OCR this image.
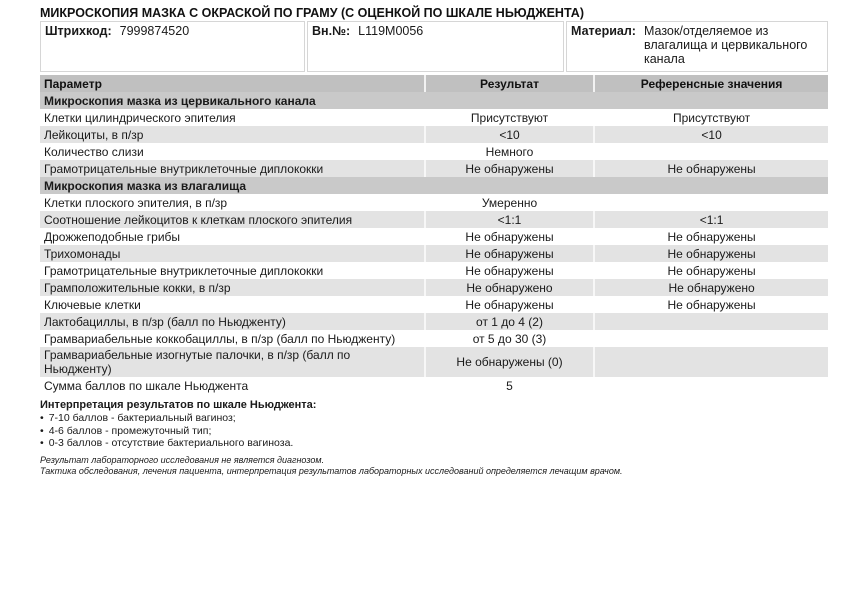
МИКРОСКОПИЯ МАЗКА С ОКРАСКОЙ ПО ГРАМУ (С ОЦЕНКОЙ ПО ШКАЛЕ НЬЮДЖЕНТА)
Штрихкод: 7999874520	Вн.№: L119M0056	Материал: Мазок/отделяемое из влагалища и цервикального канала
Параметр	Результат	Референсные значения
Микроскопия мазка из цервикального канала		
Клетки цилиндрического эпителия	Присутствуют	Присутствуют
Лейкоциты, в п/зр	<10	<10
Количество слизи	Немного	
Грамотрицательные внутриклеточные диплококки	Не обнаружены	Не обнаружены
Микроскопия мазка из влагалища		
Клетки плоского эпителия, в п/зр	Умеренно	
Соотношение лейкоцитов к клеткам плоского эпителия	<1:1	<1:1
Дрожжеподобные грибы	Не обнаружены	Не обнаружены
Трихомонады	Не обнаружены	Не обнаружены
Грамотрицательные внутриклеточные диплококки	Не обнаружены	Не обнаружены
Грамположительные кокки, в п/зр	Не обнаружено	Не обнаружено
Ключевые клетки	Не обнаружены	Не обнаружены
Лактобациллы, в п/зр (балл по Ньюдженту)	от 1 до 4 (2)	
Грамвариабельные коккобациллы, в п/зр (балл по Ньюдженту)	от 5 до 30 (3)	
Грамвариабельные изогнутые палочки, в п/зр (балл по Ньюдженту)	Не обнаружены (0)	
Сумма баллов по шкале Ньюджента	5	
Интерпретация результатов по шкале Ньюджента:
• 7-10 баллов - бактериальный вагиноз;
• 4-6 баллов - промежуточный тип;
• 0-3 баллов - отсутствие бактериального вагиноза.
Результат лабораторного исследования не является диагнозом.
Тактика обследования, лечения пациента, интерпретация результатов лабораторных исследований определяется лечащим врачом.
